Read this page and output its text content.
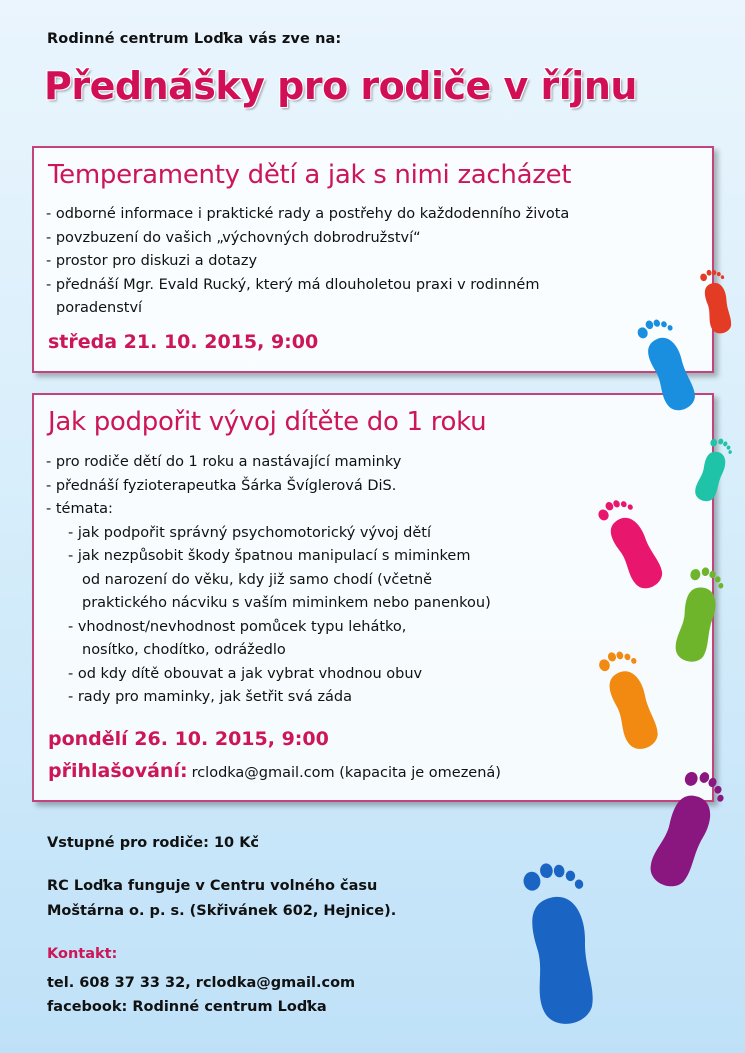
Rodinné centrum Loďka vás zve na:
Přednášky pro rodiče v říjnu
Temperamenty dětí a jak s nimi zacházet
- odborné informace i praktické rady a postřehy do každodenního života
- povzbuzení do vašich „výchovných dobrodružství“
- prostor pro diskuzi a dotazy
- přednáší Mgr. Evald Rucký, který má dlouholetou praxi v rodinném
poradenství
středa 21. 10. 2015, 9:00
Jak podpořit vývoj dítěte do 1 roku
- pro rodiče dětí do 1 roku a nastávající maminky
- přednáší fyzioterapeutka Šárka Švíglerová DiS.
- témata:
- jak podpořit správný psychomotorický vývoj dětí
- jak nezpůsobit škody špatnou manipulací s miminkem
od narození do věku, kdy již samo chodí (včetně
praktického nácviku s vaším miminkem nebo panenkou)
- vhodnost/nevhodnost pomůcek typu lehátko,
nosítko, chodítko, odrážedlo
- od kdy dítě obouvat a jak vybrat vhodnou obuv
- rady pro maminky, jak šetřit svá záda
pondělí 26. 10. 2015, 9:00
přihlašování: rclodka@gmail.com (kapacita je omezená)
Vstupné pro rodiče: 10 Kč
RC Loďka funguje v Centru volného času
Moštárna o. p. s. (Skřivánek 602, Hejnice).
Kontakt:
tel. 608 37 33 32, rclodka@gmail.com
facebook: Rodinné centrum Loďka
